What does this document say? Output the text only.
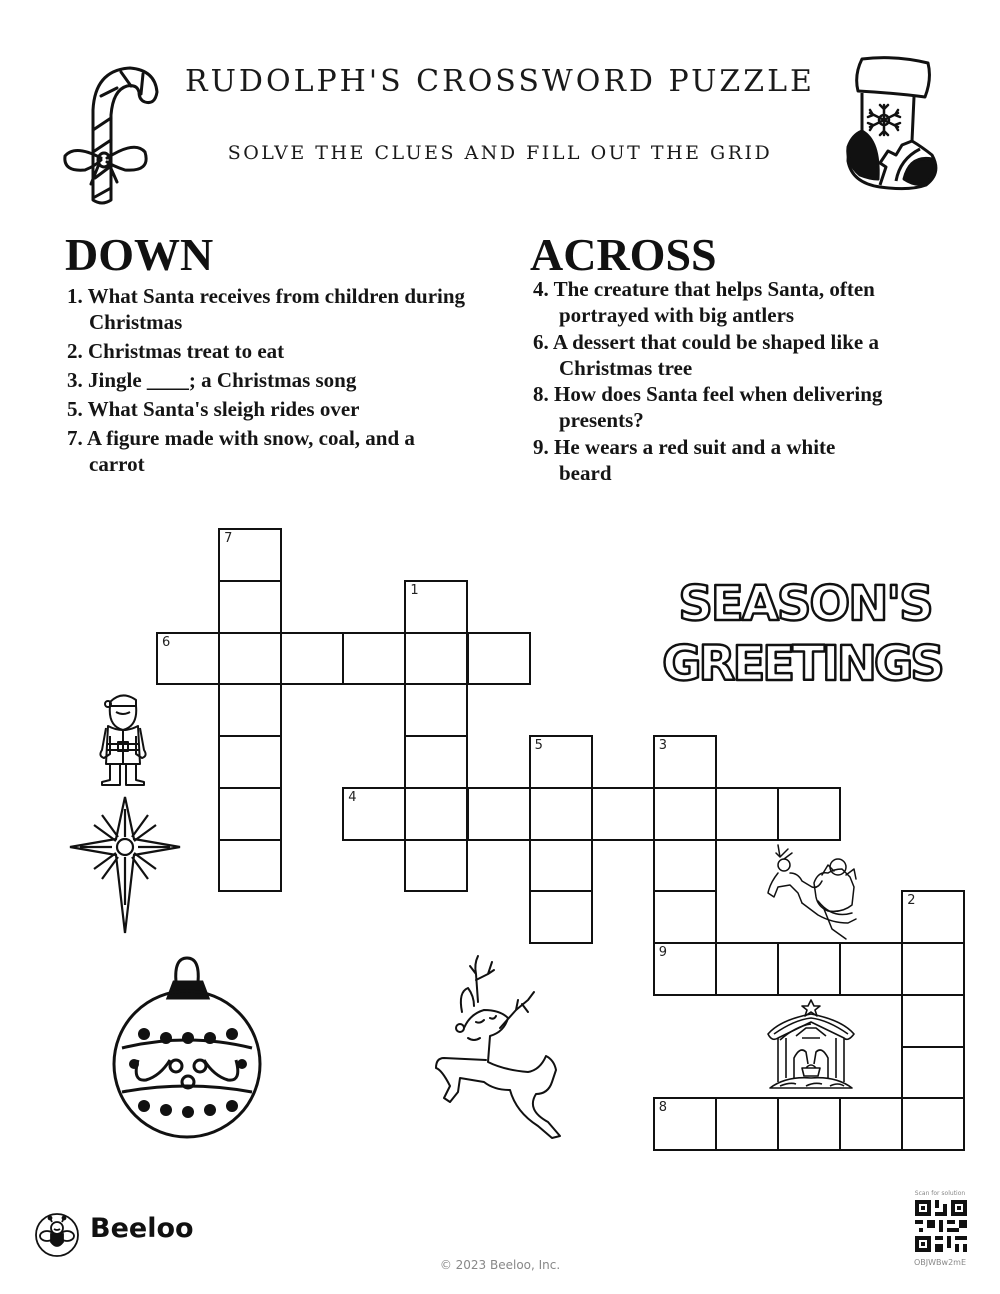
RUDOLPH'S CROSSWORD PUZZLE
SOLVE THE CLUES AND FILL OUT THE GRID
DOWN	ACROSS
1. What Santa receives from children during Christmas
2. Christmas treat to eat
3. Jingle ____; a Christmas song
5. What Santa's sleigh rides over
7. A figure made with snow, coal, and a carrot
4. The creature that helps Santa, often portrayed with big antlers
6. A dessert that could be shaped like a Christmas tree
8. How does Santa feel when delivering presents?
9. He wears a red suit and a white beard
7
1
6
4
5	3
9
2
8
SEASON'S
GREETINGS
Beeloo
© 2023 Beeloo, Inc.
Scan for solution
OBJWBw2mE
